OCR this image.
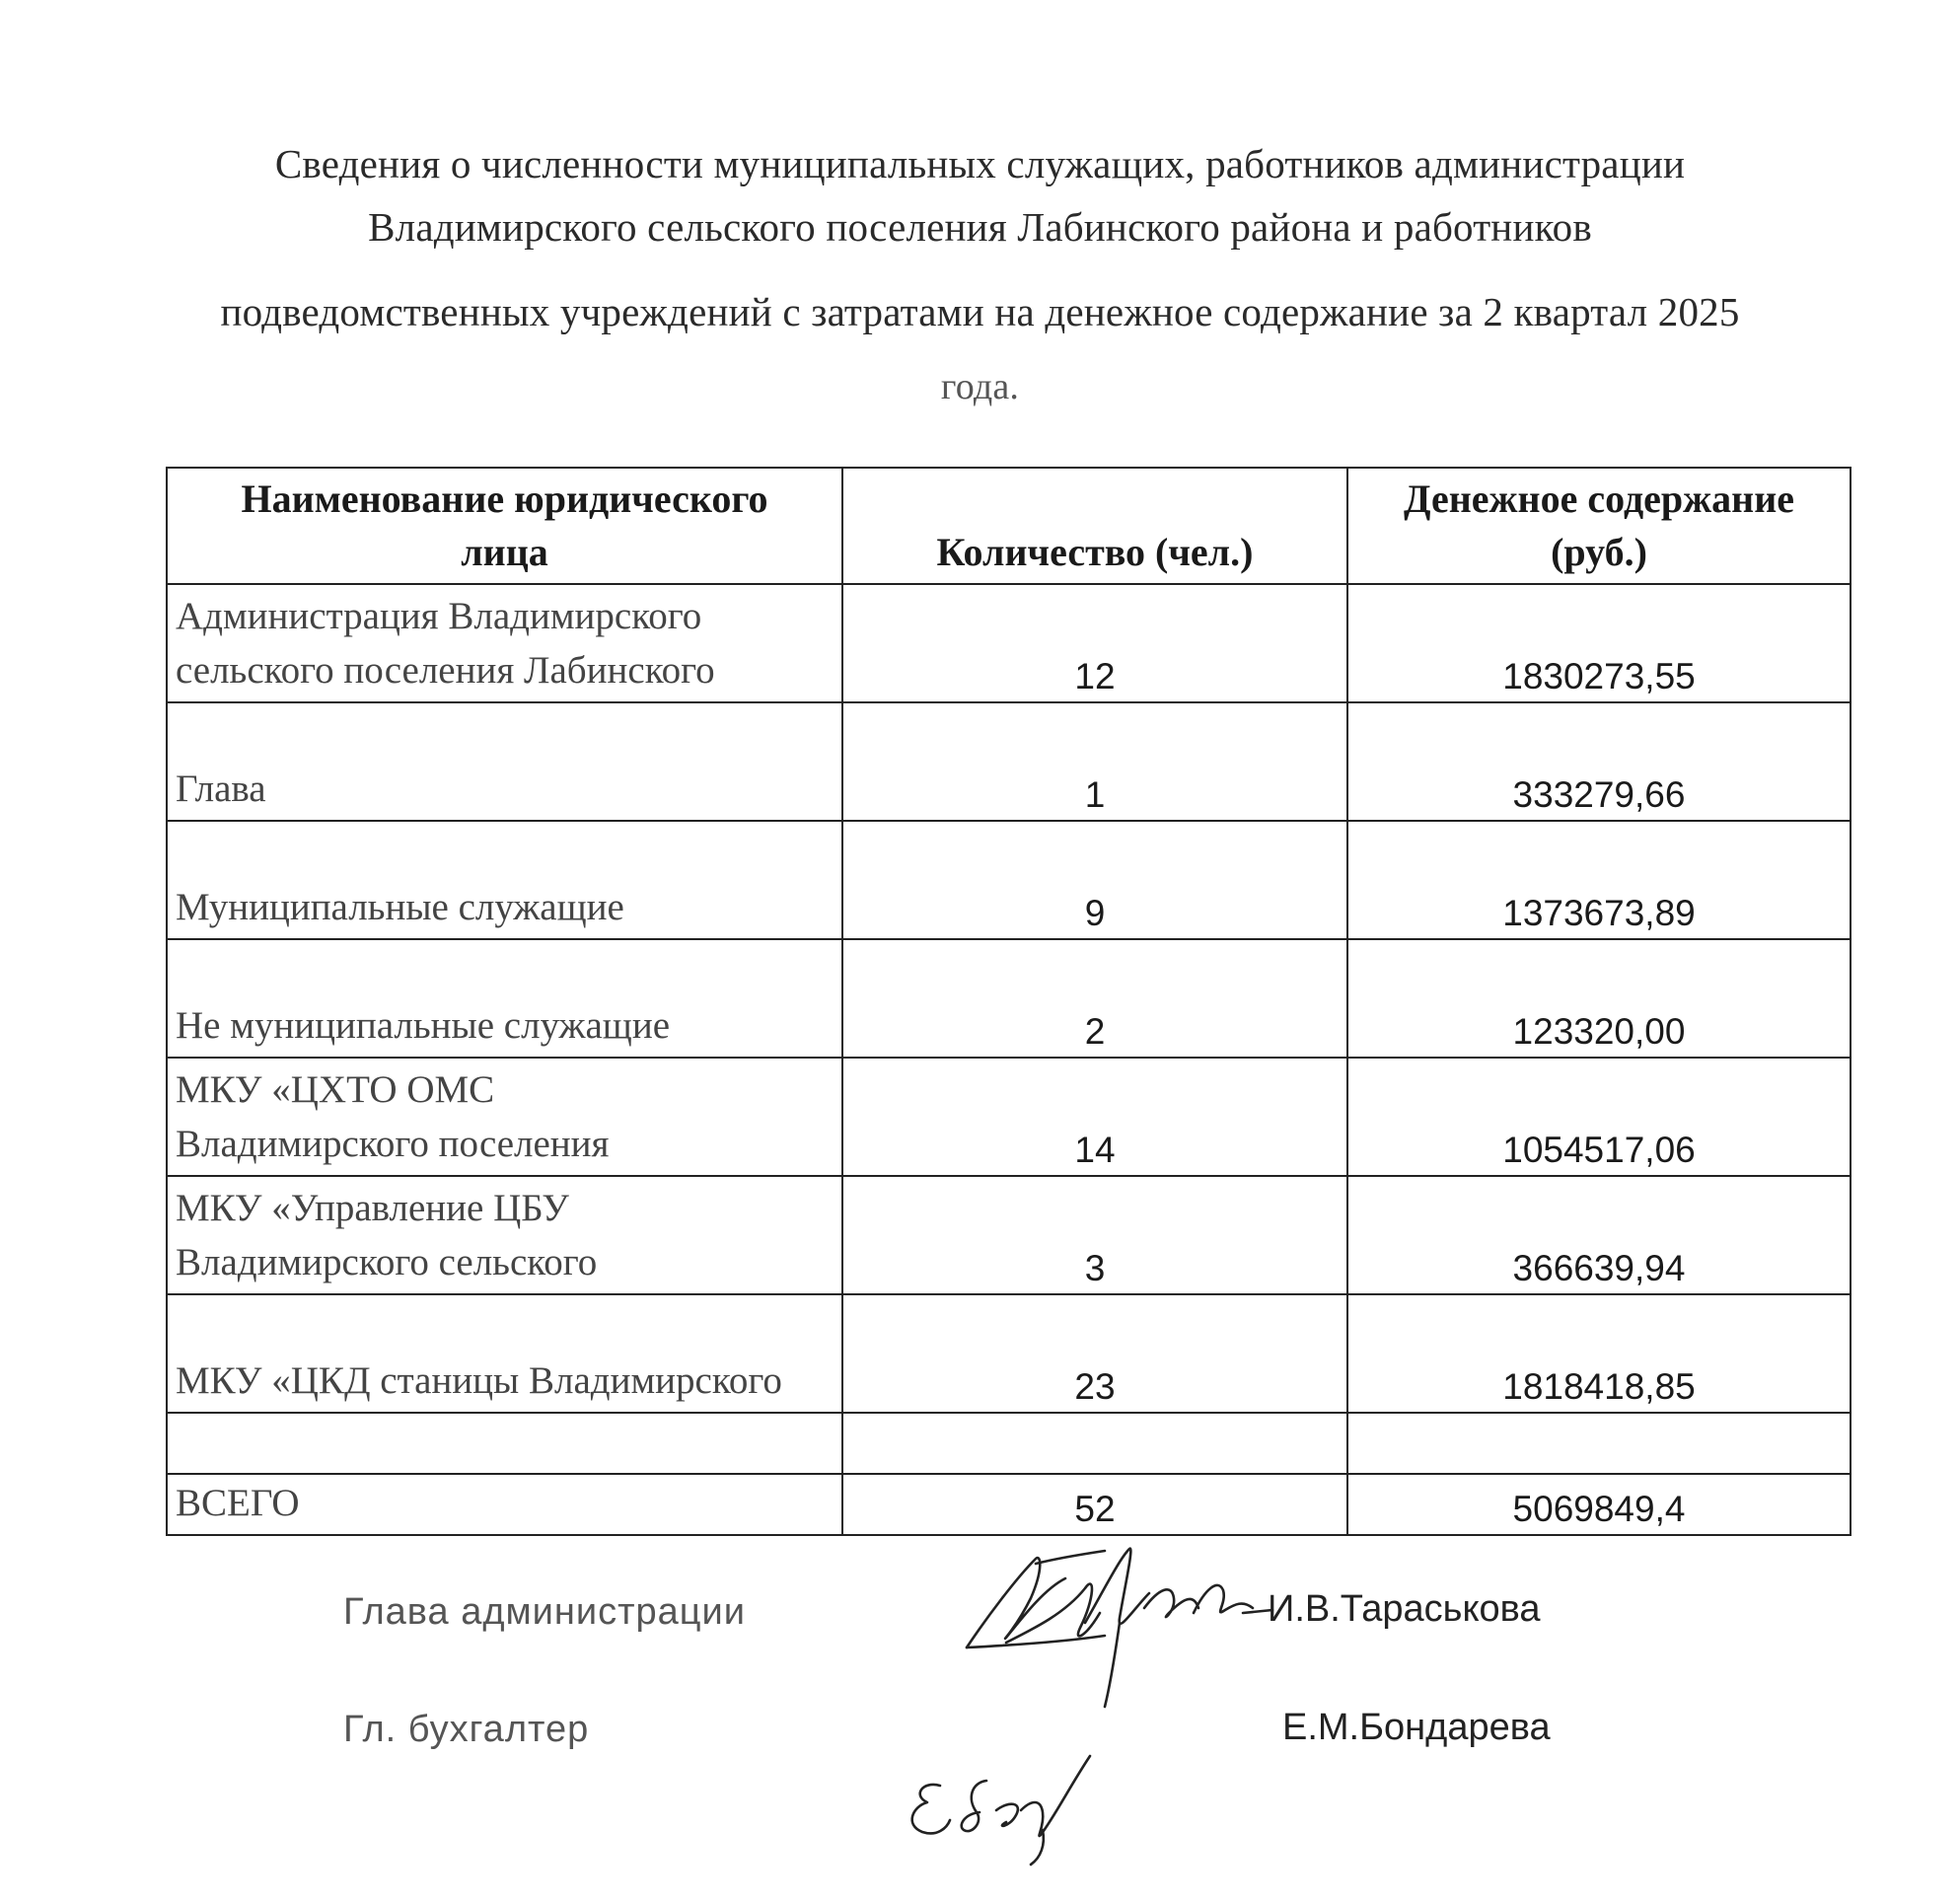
Сведения о численности муниципальных служащих, работников администрации
Владимирского сельского поселения Лабинского района и работников
подведомственных учреждений с затратами на денежное содержание за 2 квартал 2025
года.
Наименование юридического
лица	Количество (чел.)	Денежное содержание
(руб.)

Администрация Владимирского
сельского поселения Лабинского	12	1830273,55

Глава	1	333279,66

Муниципальные служащие	9	1373673,89

Не муниципальные служащие	2	123320,00

МКУ «ЦХТО ОМС
Владимирского поселения	14	1054517,06

МКУ «Управление ЦБУ
Владимирского сельского	3	366639,94

МКУ «ЦКД станицы Владимирского	23	1818418,85

ВСЕГО	52	5069849,4
Глава администрации	И.В.Тараськова
Гл. бухгалтер	Е.М.Бондарева
